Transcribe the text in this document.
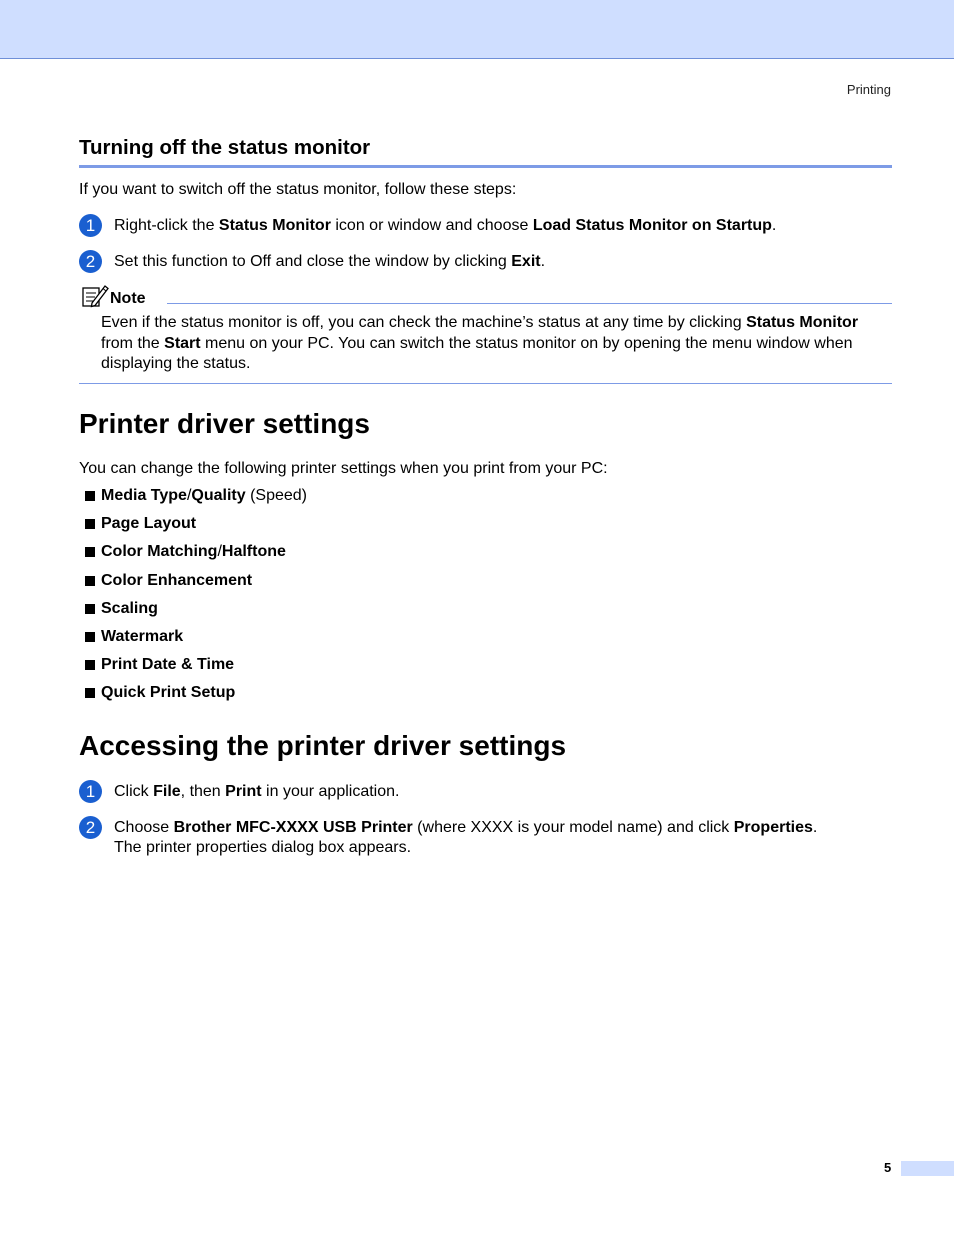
Printing
Turning off the status monitor

If you want to switch off the status monitor, follow these steps:

1	Right-click the Status Monitor icon or window and choose Load Status Monitor on Startup.
2	Set this function to Off and close the window by clicking Exit.
Note
Even if the status monitor is off, you can check the machine’s status at any time by clicking Status Monitor from the Start menu on your PC. You can switch the status monitor on by opening the menu window when displaying the status.
Printer driver settings

You can change the following printer settings when you print from your PC:

Media Type/Quality (Speed)
Page Layout
Color Matching/Halftone
Color Enhancement
Scaling
Watermark
Print Date & Time
Quick Print Setup
Accessing the printer driver settings
1	Click File, then Print in your application.
2	Choose Brother MFC-XXXX USB Printer (where XXXX is your model name) and click Properties.
The printer properties dialog box appears.
5
